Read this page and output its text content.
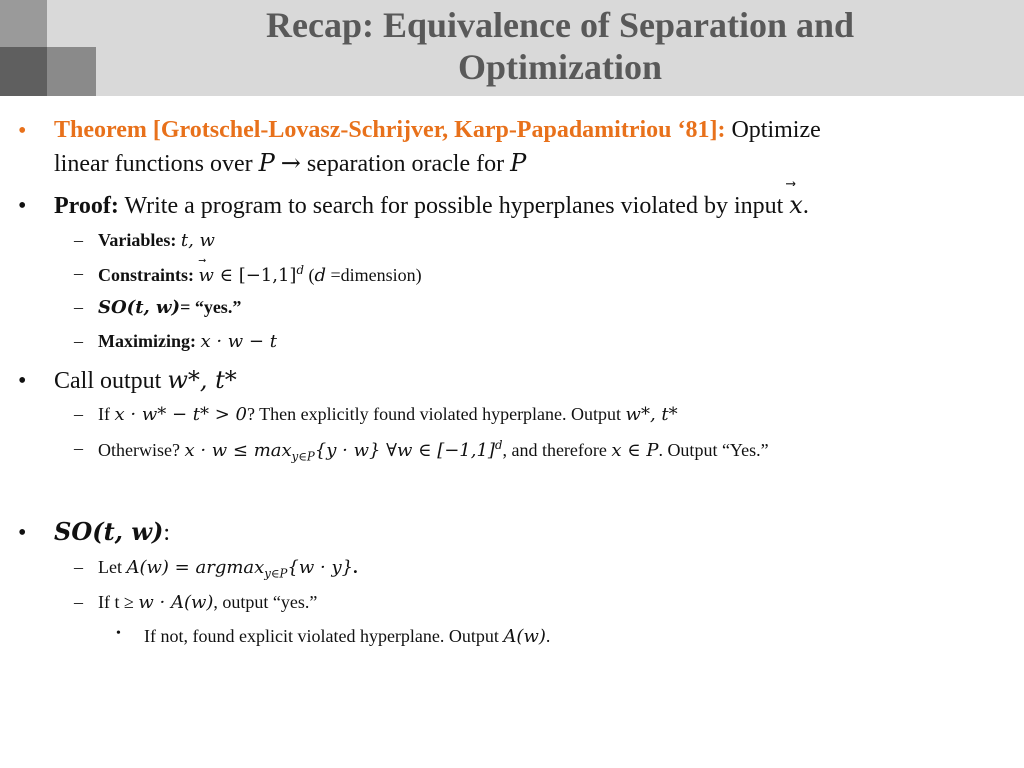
Recap: Equivalence of Separation and
Optimization
• Theorem [Grotschel-Lovasz-Schrijver, Karp-Papadamitriou ‘81]: Optimize
linear functions over P → separation oracle for P
• Proof: Write a program to search for possible hyperplanes violated by input ⃗ x.
– Variables: t, w
– Constraints: ⃗ w ∈ $[-1,1]^d$ (d =dimension)
– SO(t, w)= “yes.”
– Maximizing: x · w − t
• Call output w*, t*
– If x · w* − t* > 0? Then explicitly found violated hyperplane. Output w*, t*
– Otherwise? $x \cdot w \le \max_{y\in P}\{y \cdot w\}$ ∀w ∈ $[-1,1]^d$, and therefore x ∈ P. Output “Yes.”
• SO(t, w):
– Let A(w) = argmax$_{y\in P}${w · y}.
– If t ≥ w · A(w), output “yes.”
• If not, found explicit violated hyperplane. Output A(w).
